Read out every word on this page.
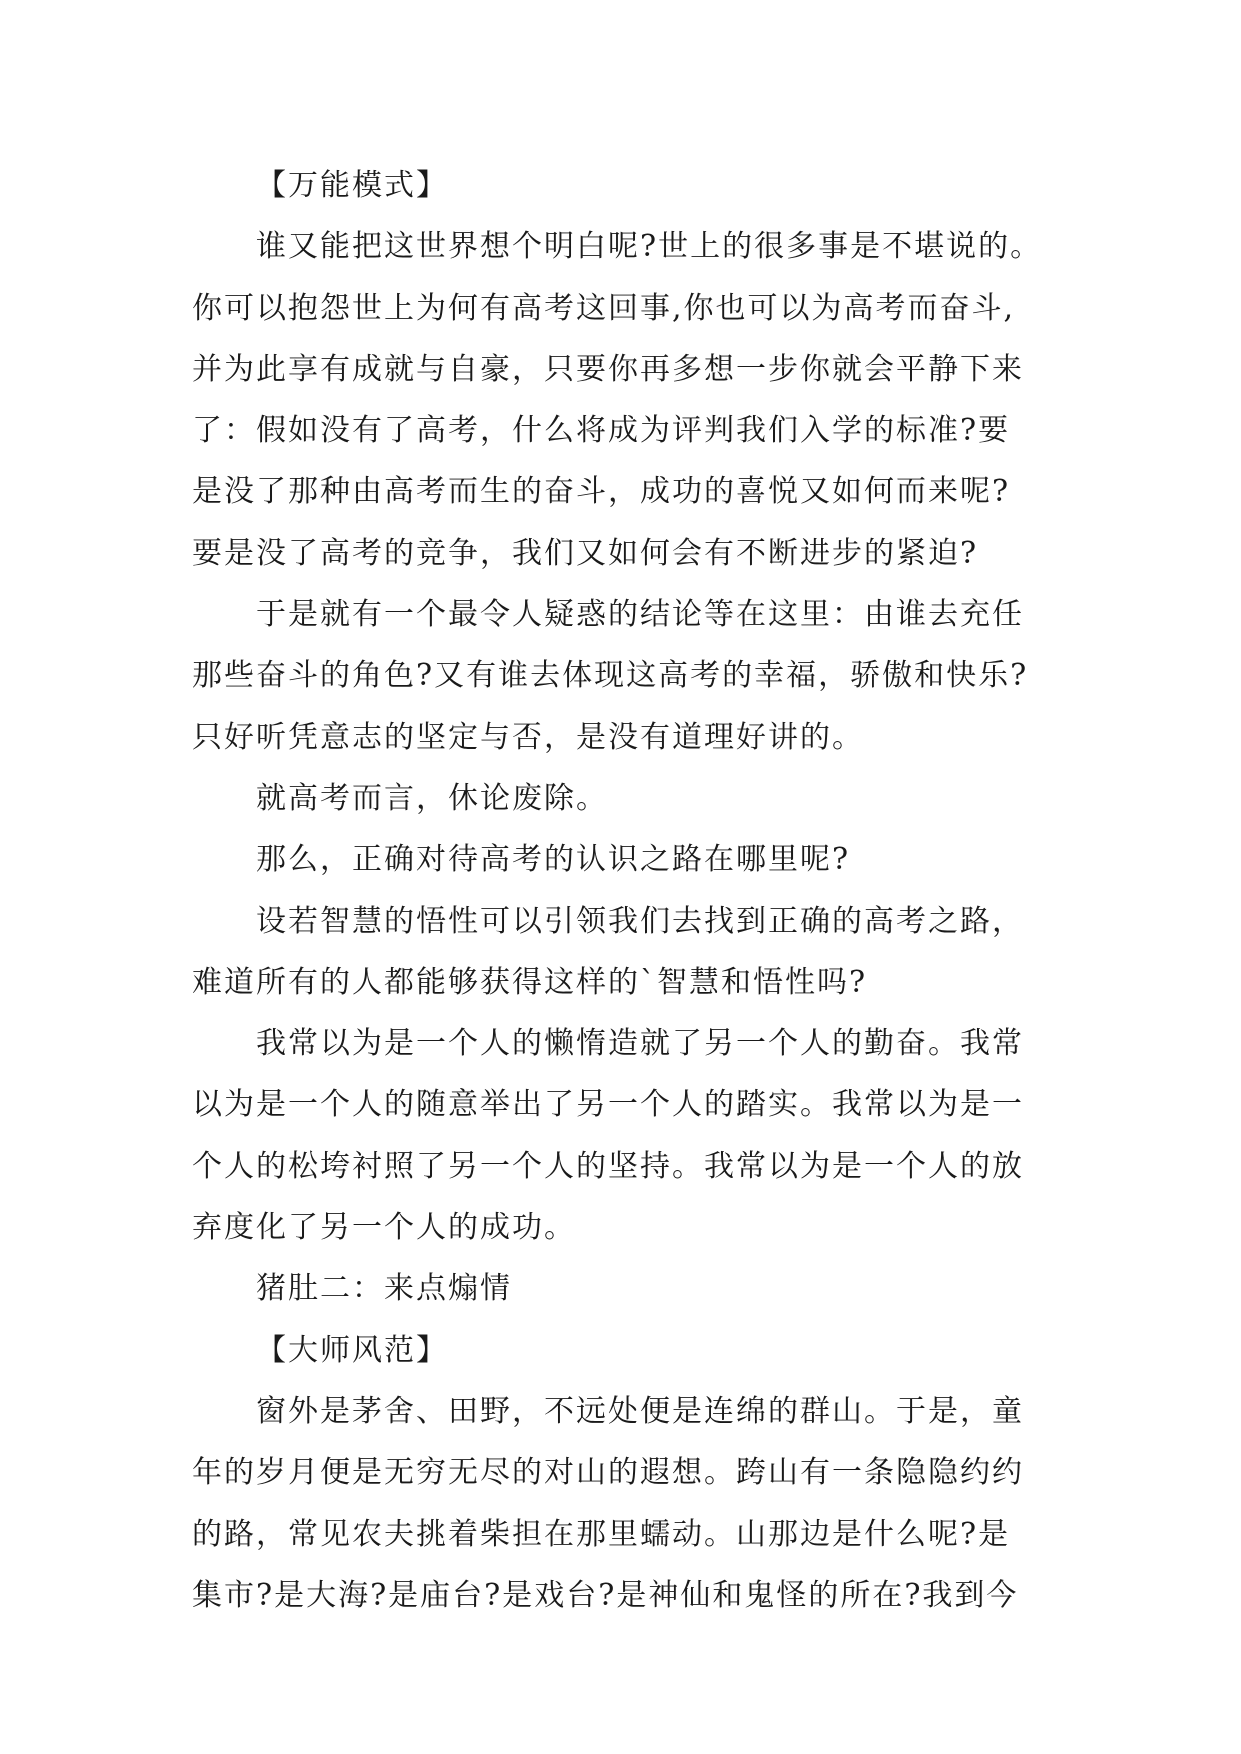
【万能模式】
谁又能把这世界想个明白呢?世上的很多事是不堪说的。
你可以抱怨世上为何有高考这回事,你也可以为高考而奋斗,
并为此享有成就与自豪，只要你再多想一步你就会平静下来
了：假如没有了高考，什么将成为评判我们入学的标准?要
是没了那种由高考而生的奋斗，成功的喜悦又如何而来呢?
要是没了高考的竞争，我们又如何会有不断进步的紧迫?
于是就有一个最令人疑惑的结论等在这里：由谁去充任
那些奋斗的角色?又有谁去体现这高考的幸福，骄傲和快乐?
只好听凭意志的坚定与否，是没有道理好讲的。
就高考而言，休论废除。
那么，正确对待高考的认识之路在哪里呢?
设若智慧的悟性可以引领我们去找到正确的高考之路，
难道所有的人都能够获得这样的`智慧和悟性吗?
我常以为是一个人的懒惰造就了另一个人的勤奋。我常
以为是一个人的随意举出了另一个人的踏实。我常以为是一
个人的松垮衬照了另一个人的坚持。我常以为是一个人的放
弃度化了另一个人的成功。
猪肚二：来点煽情
【大师风范】
窗外是茅舍、田野，不远处便是连绵的群山。于是，童
年的岁月便是无穷无尽的对山的遐想。跨山有一条隐隐约约
的路，常见农夫挑着柴担在那里蠕动。山那边是什么呢?是
集市?是大海?是庙台?是戏台?是神仙和鬼怪的所在?我到今
